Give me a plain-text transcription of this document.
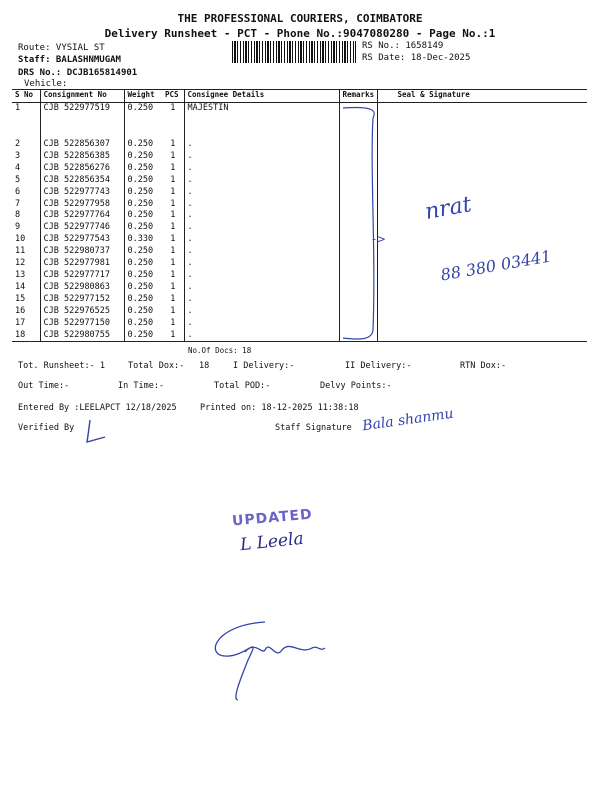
THE PROFESSIONAL COURIERS, COIMBATORE
Delivery Runsheet - PCT - Phone No.:9047080280 - Page No.:1
Route: VYSIAL ST
Staff: BALASHNMUGAM
DRS No.: DCJB165814901
Vehicle:
RS No.: 1658149
RS Date: 18-Dec-2025
S No	Consignment No	Weight	PCS	Consignee Details	Remarks	Seal & Signature
1	CJB 522977519	0.250	1	MAJESTIN		
2	CJB 522856307	0.250	1	.		
3	CJB 522856385	0.250	1	.		
4	CJB 522856276	0.250	1	.		
5	CJB 522856354	0.250	1	.		
6	CJB 522977743	0.250	1	.		
7	CJB 522977958	0.250	1	.		
8	CJB 522977764	0.250	1	.		
9	CJB 522977746	0.250	1	.		
10	CJB 522977543	0.330	1	.		
11	CJB 522980737	0.250	1	.		
12	CJB 522977981	0.250	1	.		
13	CJB 522977717	0.250	1	.		
14	CJB 522980863	0.250	1	.		
15	CJB 522977152	0.250	1	.		
16	CJB 522976525	0.250	1	.		
17	CJB 522977150	0.250	1	.		
18	CJB 522980755	0.250	1	.		
No.Of Docs: 18
Tot. Runsheet:- 1	Total Dox:- 18	I Delivery:-	II Delivery:-	RTN Dox:-
Out Time:-	In Time:-	Total POD:-	Delvy Points:-
Entered By :LEELAPCT 12/18/2025	Printed on: 18-12-2025 11:38:18
Verified By	Staff Signature
->
nrat
88 380 03441
Bala shanmu
UPDATED
L Leela
